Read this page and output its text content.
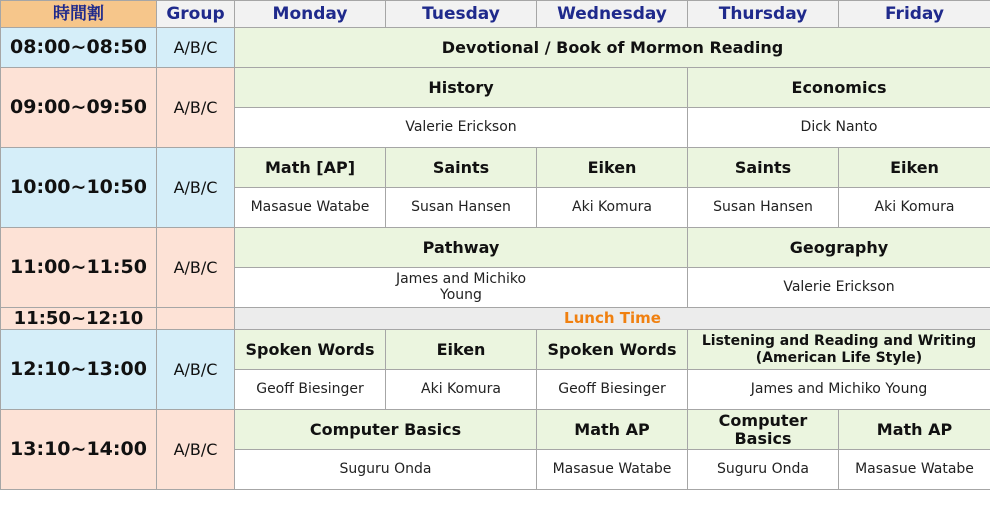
時間割	Group	Monday	Tuesday	Wednesday	Thursday	Friday
08:00~08:50	A/B/C	Devotional / Book of Mormon Reading				
09:00~09:50	A/B/C	History			Economics	
		Valerie Erickson			Dick Nanto	
10:00~10:50	A/B/C	Math [AP]	Saints	Eiken	Saints	Eiken
		Masasue Watabe	Susan Hansen	Aki Komura	Susan Hansen	Aki Komura
11:00~11:50	A/B/C	Pathway			Geography	

		James and Michiko Young			Valerie Erickson	
11:50~12:10		Lunch Time				
12:10~13:00	A/B/C	Spoken Words	Eiken	Spoken Words	Listening and Reading and Writing (American Life Style)	
		Geoff Biesinger	Aki Komura	Geoff Biesinger	James and Michiko Young	
13:10~14:00	A/B/C	Computer Basics		Math AP	Computer Basics	Math AP
		Suguru Onda		Masasue Watabe	Suguru Onda	Masasue Watabe
